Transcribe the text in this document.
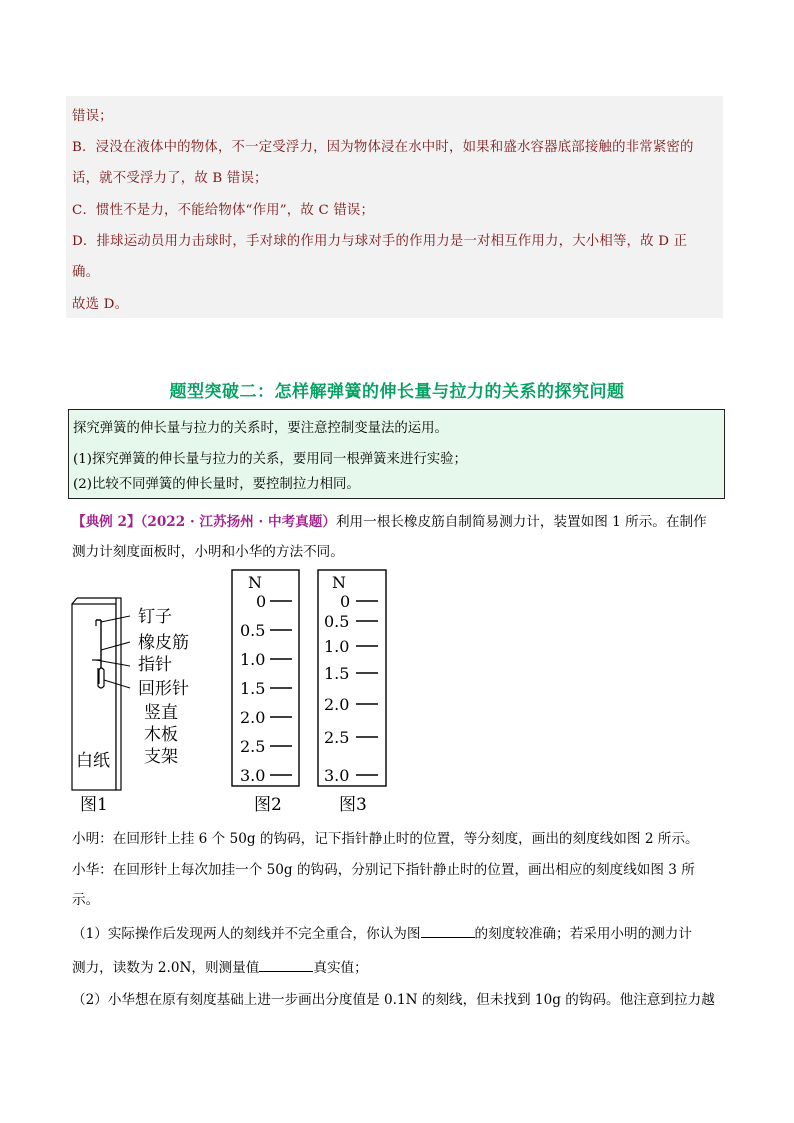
错误；
B．浸没在液体中的物体，不一定受浮力，因为物体浸在水中时，如果和盛水容器底部接触的非常紧密的
话，就不受浮力了，故 B 错误；
C．惯性不是力，不能给物体“作用”，故 C 错误；
D．排球运动员用力击球时，手对球的作用力与球对手的作用力是一对相互作用力，大小相等，故 D 正
确。
故选 D。
题型突破二：怎样解弹簧的伸长量与拉力的关系的探究问题
探究弹簧的伸长量与拉力的关系时，要注意控制变量法的运用。
(1)探究弹簧的伸长量与拉力的关系，要用同一根弹簧来进行实验；
(2)比较不同弹簧的伸长量时，要控制拉力相同。
【典例 2】（2022 · 江苏扬州 · 中考真题）利用一根长橡皮筋自制简易测力计，装置如图 1 所示。在制作
测力计刻度面板时，小明和小华的方法不同。
钉子
橡皮筋
指针
回形针
竖直
木板
支架
白纸
图1
N
0
0.5
1.0
1.5
2.0
2.5
3.0
图2
N
0
0.5
1.0
1.5
2.0
2.5
3.0
图3
小明：在回形针上挂 6 个 50g 的钩码，记下指针静止时的位置，等分刻度，画出的刻度线如图 2 所示。
小华：在回形针上每次加挂一个 50g 的钩码，分别记下指针静止时的位置，画出相应的刻度线如图 3 所
示。
（1）实际操作后发现两人的刻线并不完全重合，你认为图	的刻度较准确；若采用小明的测力计
测力，读数为 2.0N，则测量值	真实值；
（2）小华想在原有刻度基础上进一步画出分度值是 0.1N 的刻线，但未找到 10g 的钩码。他注意到拉力越
